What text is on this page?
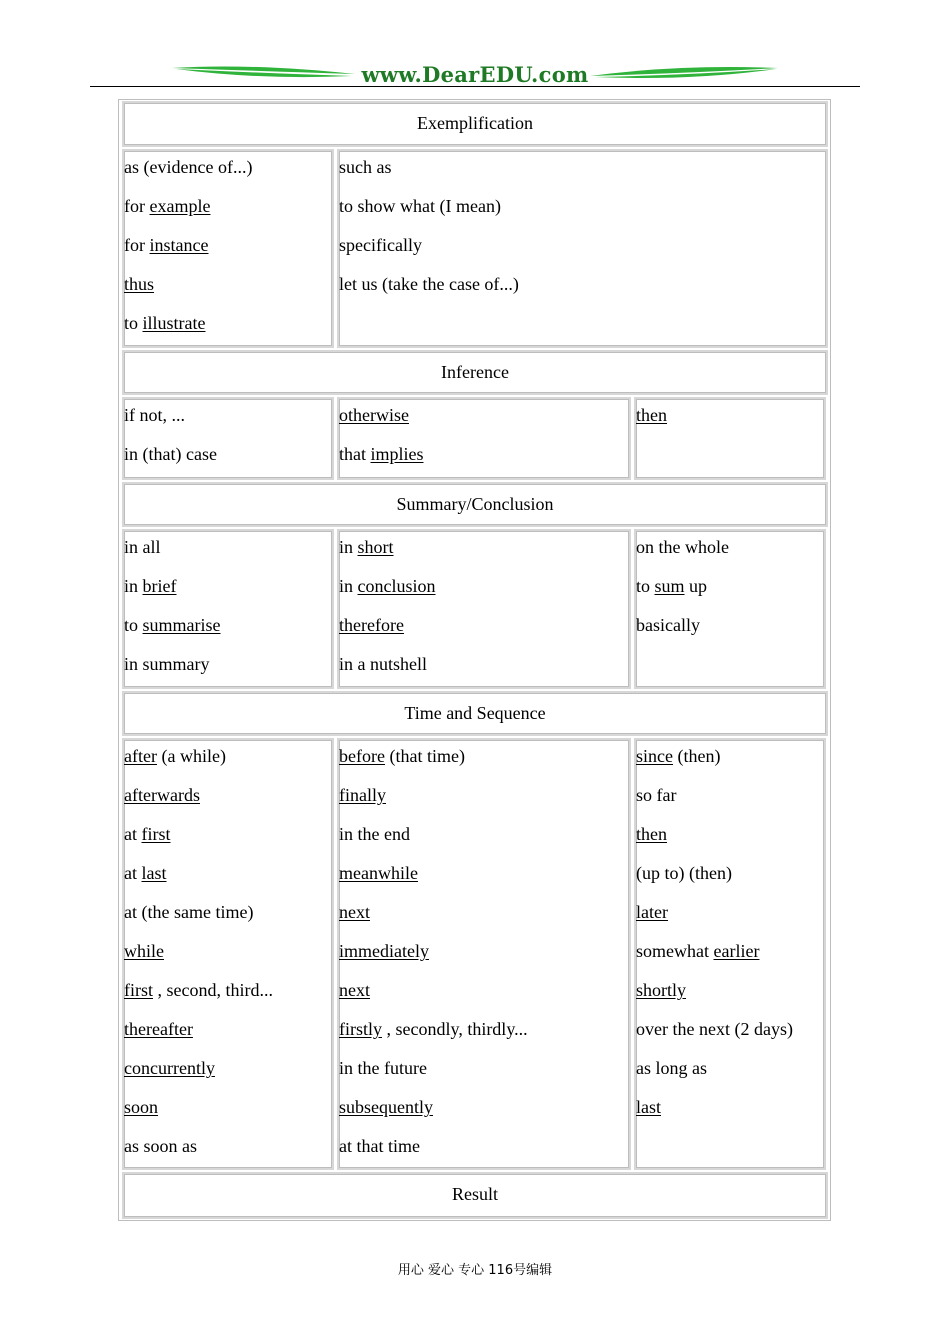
www.DearEDU.com
Exemplification
as (evidence of...)
for example
for instance
thus
to illustrate
such as
to show what (I mean)
specifically
let us (take the case of...)
Inference
if not, ...
in (that) case
otherwise
that implies
then
Summary/Conclusion
in all
in brief
to summarise
in summary
in short
in conclusion
therefore
in a nutshell
on the whole
to sum up
basically
Time and Sequence
after (a while)
afterwards
at first
at last
at (the same time)
while
first , second, third...
thereafter
concurrently
soon
as soon as
before (that time)
finally
in the end
meanwhile
next
immediately
next
firstly , secondly, thirdly...
in the future
subsequently
at that time
since (then)
so far
then
(up to) (then)
later
somewhat earlier
shortly
over the next (2 days)
as long as
last
Result
用心 爱心 专心 116号编辑
